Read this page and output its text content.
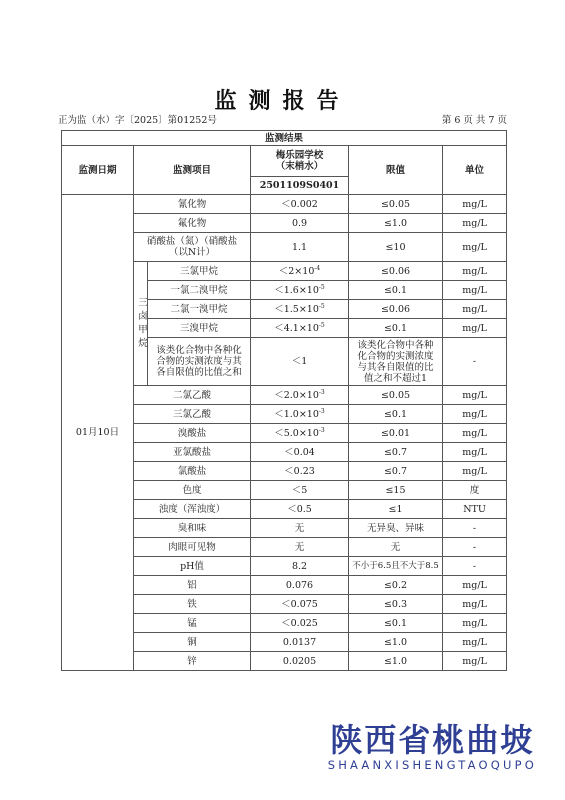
监测报告
正为监（水）字〔2025〕第01252号	第 6 页 共 7 页
监测结果					
监测日期	监测项目		梅乐园学校（末梢水）	限值	单位
			2501109S0401		
01月10日	氰化物		＜0.002	≤0.05	mg/L
	氟化物		0.9	≤1.0	mg/L
	硝酸盐（氮）（硝酸盐（以N计）		1.1	≤10	mg/L

	三卤甲烷	三氯甲烷	$<2\times 10^{-4}$	≤0.06	mg/L
		一氯二溴甲烷	$<1.6\times 10^{-5}$	≤0.1	mg/L
		二氯一溴甲烷	$<1.5\times 10^{-5}$	≤0.06	mg/L
		三溴甲烷	$<4.1\times 10^{-5}$	≤0.1	mg/L
		该类化合物中各种化合物的实测浓度与其各自限值的比值之和	＜1	该类化合物中各种化合物的实测浓度与其各自限值的比值之和不超过1	-
	二氯乙酸		$<2.0\times 10^{-3}$	≤0.05	mg/L
	三氯乙酸		$<1.0\times 10^{-3}$	≤0.1	mg/L
	溴酸盐		$<5.0\times 10^{-3}$	≤0.01	mg/L
	亚氯酸盐		＜0.04	≤0.7	mg/L
	氯酸盐		＜0.23	≤0.7	mg/L
	色度		＜5	≤15	度
	浊度（浑浊度）		＜0.5	≤1	NTU
	臭和味		无	无异臭、异味	-
	肉眼可见物		无	无	-
	pH值		8.2	不小于6.5且不大于8.5	-
	铝		0.076	≤0.2	mg/L
	铁		＜0.075	≤0.3	mg/L
	锰		＜0.025	≤0.1	mg/L
	铜		0.0137	≤1.0	mg/L
	锌		0.0205	≤1.0	mg/L
陕西省桃曲坡
SHAANXISHENGTAOQUPO
